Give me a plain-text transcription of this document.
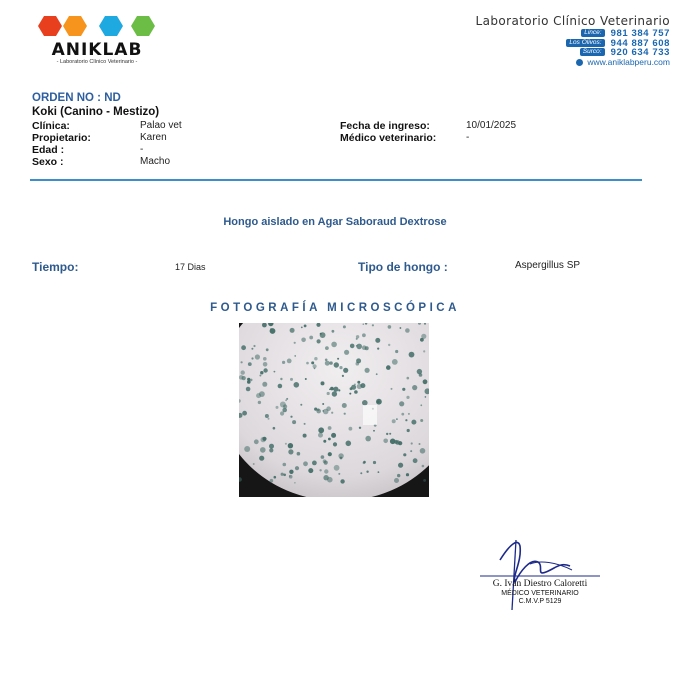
ANIKLAB
- Laboratorio Clínico Veterinario -
Laboratorio Clínico Veterinario
Lince: 981 384 757
Los Olivos: 944 887 608
Surco: 920 634 733
www.aniklabperu.com
ORDEN NO : ND
Koki (Canino - Mestizo)
Clínica:	Palao vet
Propietario:	Karen
Edad :	-
Sexo :	Macho
Fecha de ingreso:	10/01/2025
Médico veterinario:	-
Hongo aislado en Agar Saboraud Dextrose
Tiempo:	17 Dias	Tipo de hongo :	Aspergillus SP
FOTOGRAFÍA MICROSCÓPICA
G. Iván Diestro Caloretti
MÉDICO VETERINARIO
C.M.V.P 5129
